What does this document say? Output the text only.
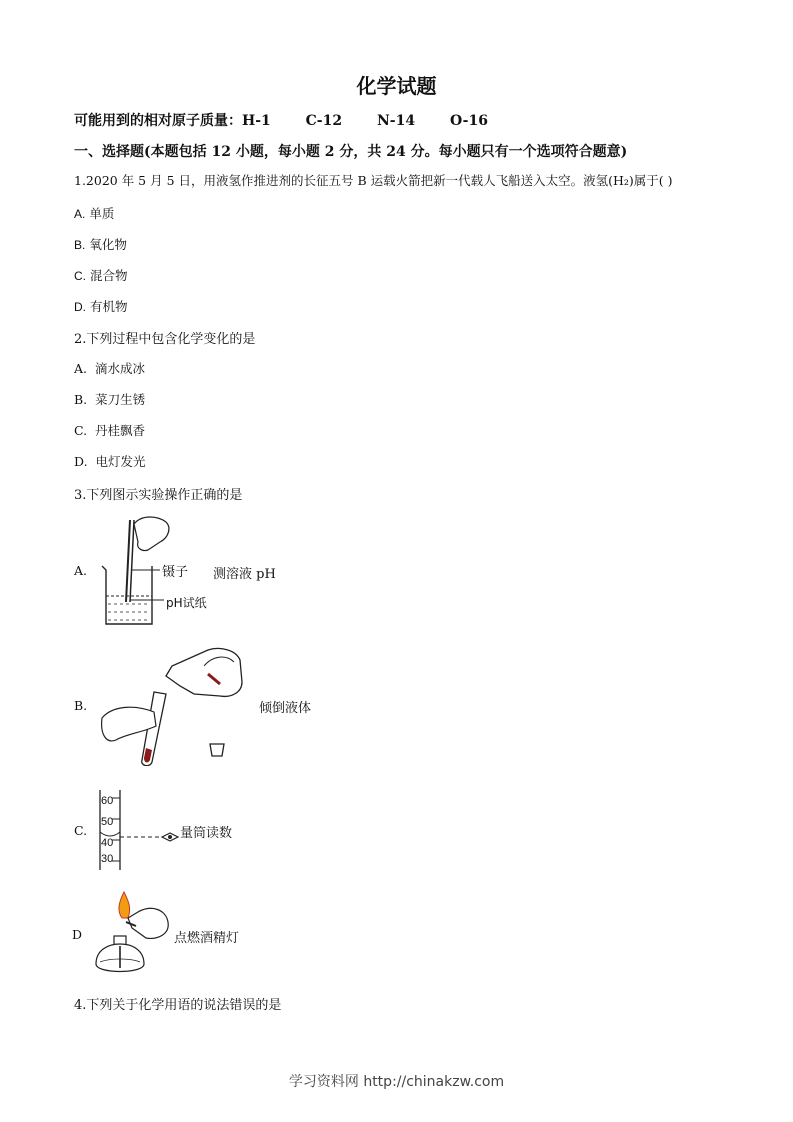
化学试题
可能用到的相对原子质量：H-1 C-12 N-14 O-16
一、选择题(本题包括 12 小题，每小题 2 分，共 24 分。每小题只有一个选项符合题意)
1.2020 年 5 月 5 日，用液氢作推进剂的长征五号 B 运载火箭把新一代载人飞船送入太空。液氢(H₂)属于( )
A. 单质
B. 氧化物
C. 混合物
D. 有机物
2.下列过程中包含化学变化的是
A. 滴水成冰
B. 菜刀生锈
C. 丹桂飘香
D. 电灯发光
3.下列图示实验操作正确的是
A.	镊子
pH试纸
测溶液 pH
B.	倾倒液体
C.
60
50
40
30
量筒读数
D	点燃酒精灯
4.下列关于化学用语的说法错误的是
学习资料网 http://chinakzw.com
